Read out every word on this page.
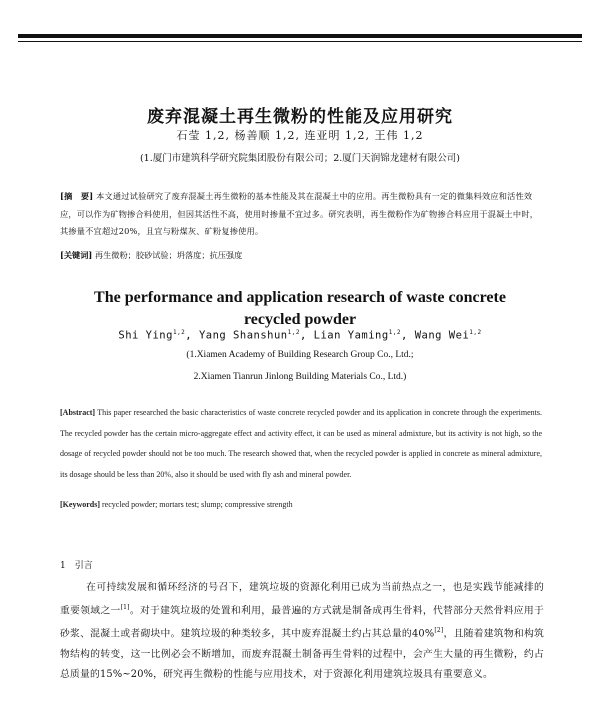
废弃混凝土再生微粉的性能及应用研究
石莹 1,2, 杨善顺 1,2, 连亚明 1,2, 王伟 1,2
(1.厦门市建筑科学研究院集团股份有限公司；2.厦门天润锦龙建材有限公司)
[摘　要] 本文通过试验研究了废弃混凝土再生微粉的基本性能及其在混凝土中的应用。再生微粉具有一定的微集料效应和活性效应，可以作为矿物掺合料使用，但因其活性不高，使用时掺量不宜过多。研究表明，再生微粉作为矿物掺合料应用于混凝土中时，其掺量不宜超过20%，且宜与粉煤灰、矿粉复掺使用。
[关键词] 再生微粉；胶砂试验；坍落度；抗压强度
The performance and application research of waste concrete
recycled powder
Shi Ying$^{1,2}$, Yang Shanshun$^{1,2}$, Lian Yaming$^{1,2}$, Wang Wei$^{1,2}$
(1.Xiamen Academy of Building Research Group Co., Ltd.;
2.Xiamen Tianrun Jinlong Building Materials Co., Ltd.)
[Abstract] This paper researched the basic characteristics of waste concrete recycled powder and its application in concrete through the experiments. The recycled powder has the certain micro-aggregate effect and activity effect, it can be used as mineral admixture, but its activity is not high, so the dosage of recycled powder should not be too much. The research showed that, when the recycled powder is applied in concrete as mineral admixture, its dosage should be less than 20%, also it should be used with fly ash and mineral powder.
[Keywords] recycled powder; mortars test; slump; compressive strength
1　引言
在可持续发展和循环经济的号召下，建筑垃圾的资源化利用已成为当前热点之一，也是实践节能减排的重要领域之一[1]。对于建筑垃圾的处置和利用，最普遍的方式就是制备成再生骨料，代替部分天然骨料应用于砂浆、混凝土或者砌块中。建筑垃圾的种类较多，其中废弃混凝土约占其总量的40%[2]，且随着建筑物和构筑物结构的转变，这一比例必会不断增加，而废弃混凝土制备再生骨料的过程中，会产生大量的再生微粉，约占总质量的15%~20%，研究再生微粉的性能与应用技术，对于资源化利用建筑垃圾具有重要意义。
